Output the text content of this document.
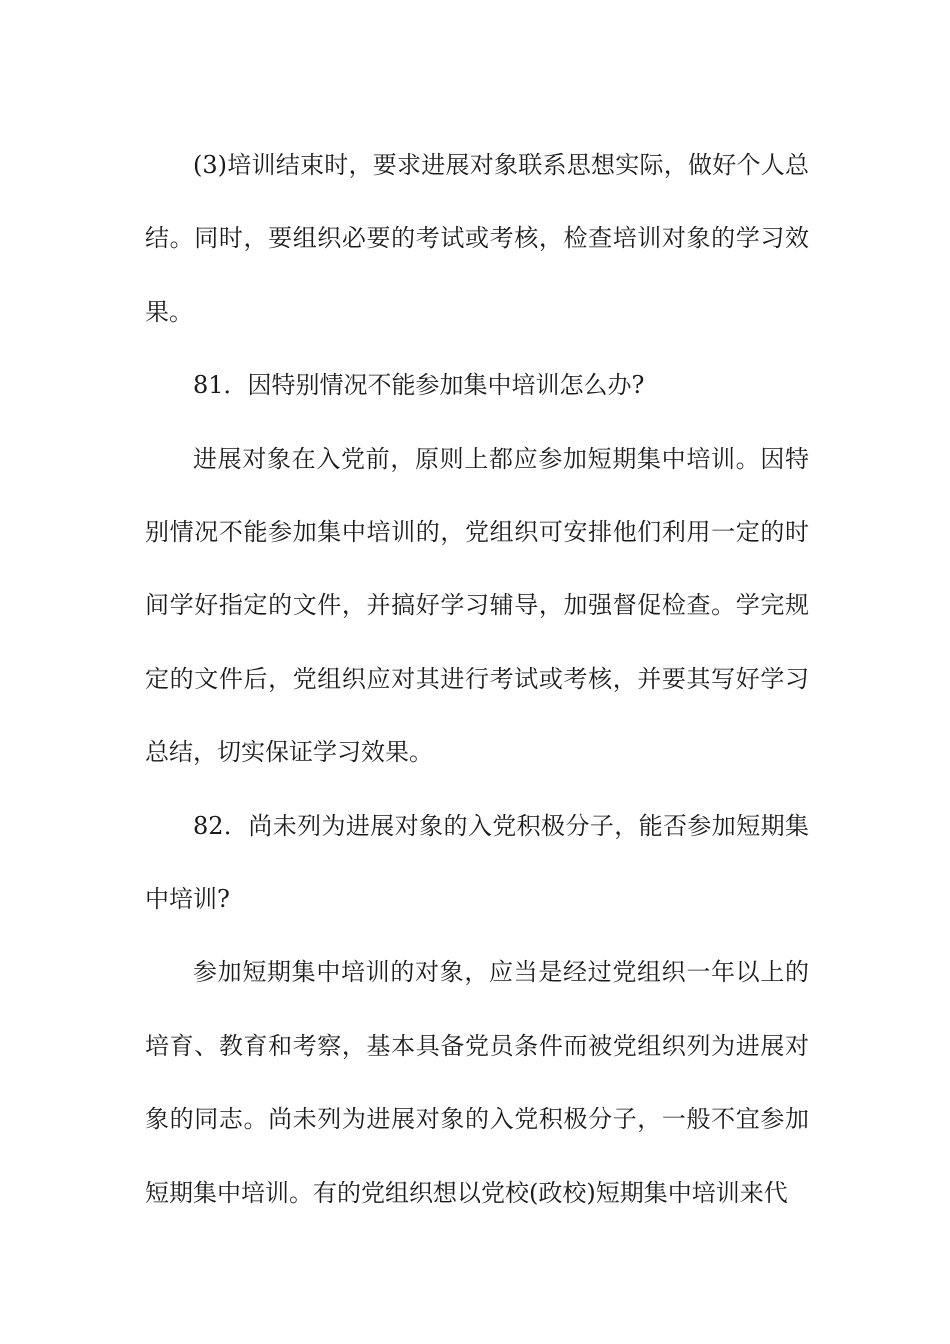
(3)培训结束时，要求进展对象联系思想实际，做好个人总结。同时，要组织必要的考试或考核，检查培训对象的学习效果。

81．因特别情况不能参加集中培训怎么办?

进展对象在入党前，原则上都应参加短期集中培训。因特别情况不能参加集中培训的，党组织可安排他们利用一定的时间学好指定的文件，并搞好学习辅导，加强督促检查。学完规定的文件后，党组织应对其进行考试或考核，并要其写好学习总结，切实保证学习效果。

82．尚未列为进展对象的入党积极分子，能否参加短期集中培训?

参加短期集中培训的对象，应当是经过党组织一年以上的培育、教育和考察，基本具备党员条件而被党组织列为进展对象的同志。尚未列为进展对象的入党积极分子，一般不宜参加短期集中培训。有的党组织想以党校(政校)短期集中培训来代
